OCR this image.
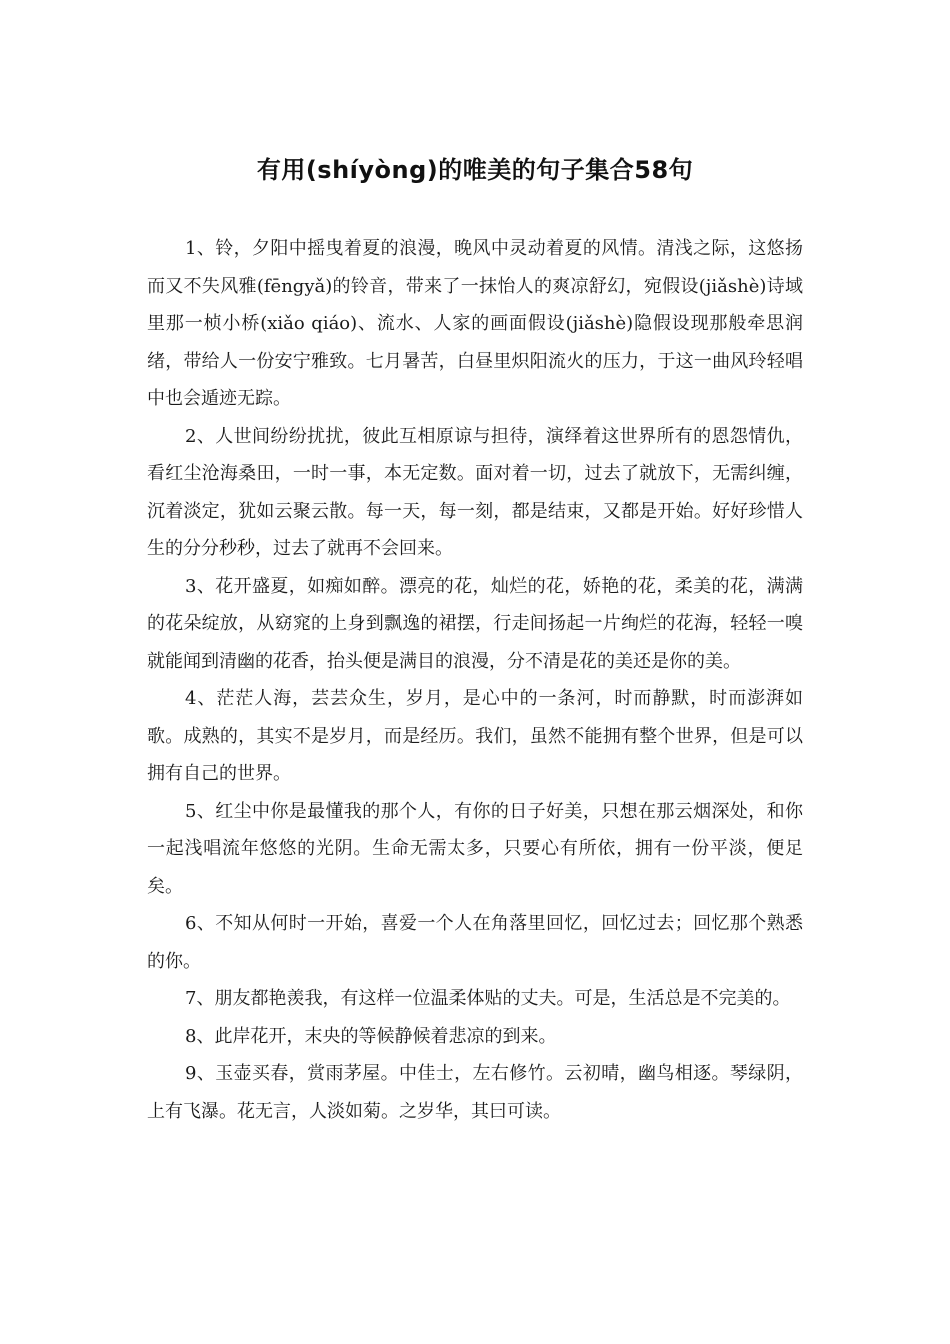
有用(shíyòng)的唯美的句子集合58句

1、铃，夕阳中摇曳着夏的浪漫，晚风中灵动着夏的风情。清浅之际，这悠扬而又不失风雅(fēngyǎ)的铃音，带来了一抹怡人的爽凉舒幻，宛假设(jiǎshè)诗域里那一桢小桥(xiǎo qiáo)、流水、人家的画面假设(jiǎshè)隐假设现那般牵思润绪，带给人一份安宁雅致。七月暑苦，白昼里炽阳流火的压力，于这一曲风玲轻唱中也会遁迹无踪。

2、人世间纷纷扰扰，彼此互相原谅与担待，演绎着这世界所有的恩怨情仇，看红尘沧海桑田，一时一事，本无定数。面对着一切，过去了就放下，无需纠缠，沉着淡定，犹如云聚云散。每一天，每一刻，都是结束，又都是开始。好好珍惜人生的分分秒秒，过去了就再不会回来。

3、花开盛夏，如痴如醉。漂亮的花，灿烂的花，娇艳的花，柔美的花，满满的花朵绽放，从窈窕的上身到飘逸的裙摆，行走间扬起一片绚烂的花海，轻轻一嗅就能闻到清幽的花香，抬头便是满目的浪漫，分不清是花的美还是你的美。

4、茫茫人海，芸芸众生，岁月，是心中的一条河，时而静默，时而澎湃如歌。成熟的，其实不是岁月，而是经历。我们，虽然不能拥有整个世界，但是可以拥有自己的世界。

5、红尘中你是最懂我的那个人，有你的日子好美，只想在那云烟深处，和你一起浅唱流年悠悠的光阴。生命无需太多，只要心有所依，拥有一份平淡，便足矣。

6、不知从何时一开始，喜爱一个人在角落里回忆，回忆过去；回忆那个熟悉的你。

7、朋友都艳羡我，有这样一位温柔体贴的丈夫。可是，生活总是不完美的。

8、此岸花开，末央的等候静候着悲凉的到来。

9、玉壶买春，赏雨茅屋。中佳士，左右修竹。云初晴，幽鸟相逐。琴绿阴，上有飞瀑。花无言，人淡如菊。之岁华，其曰可读。
